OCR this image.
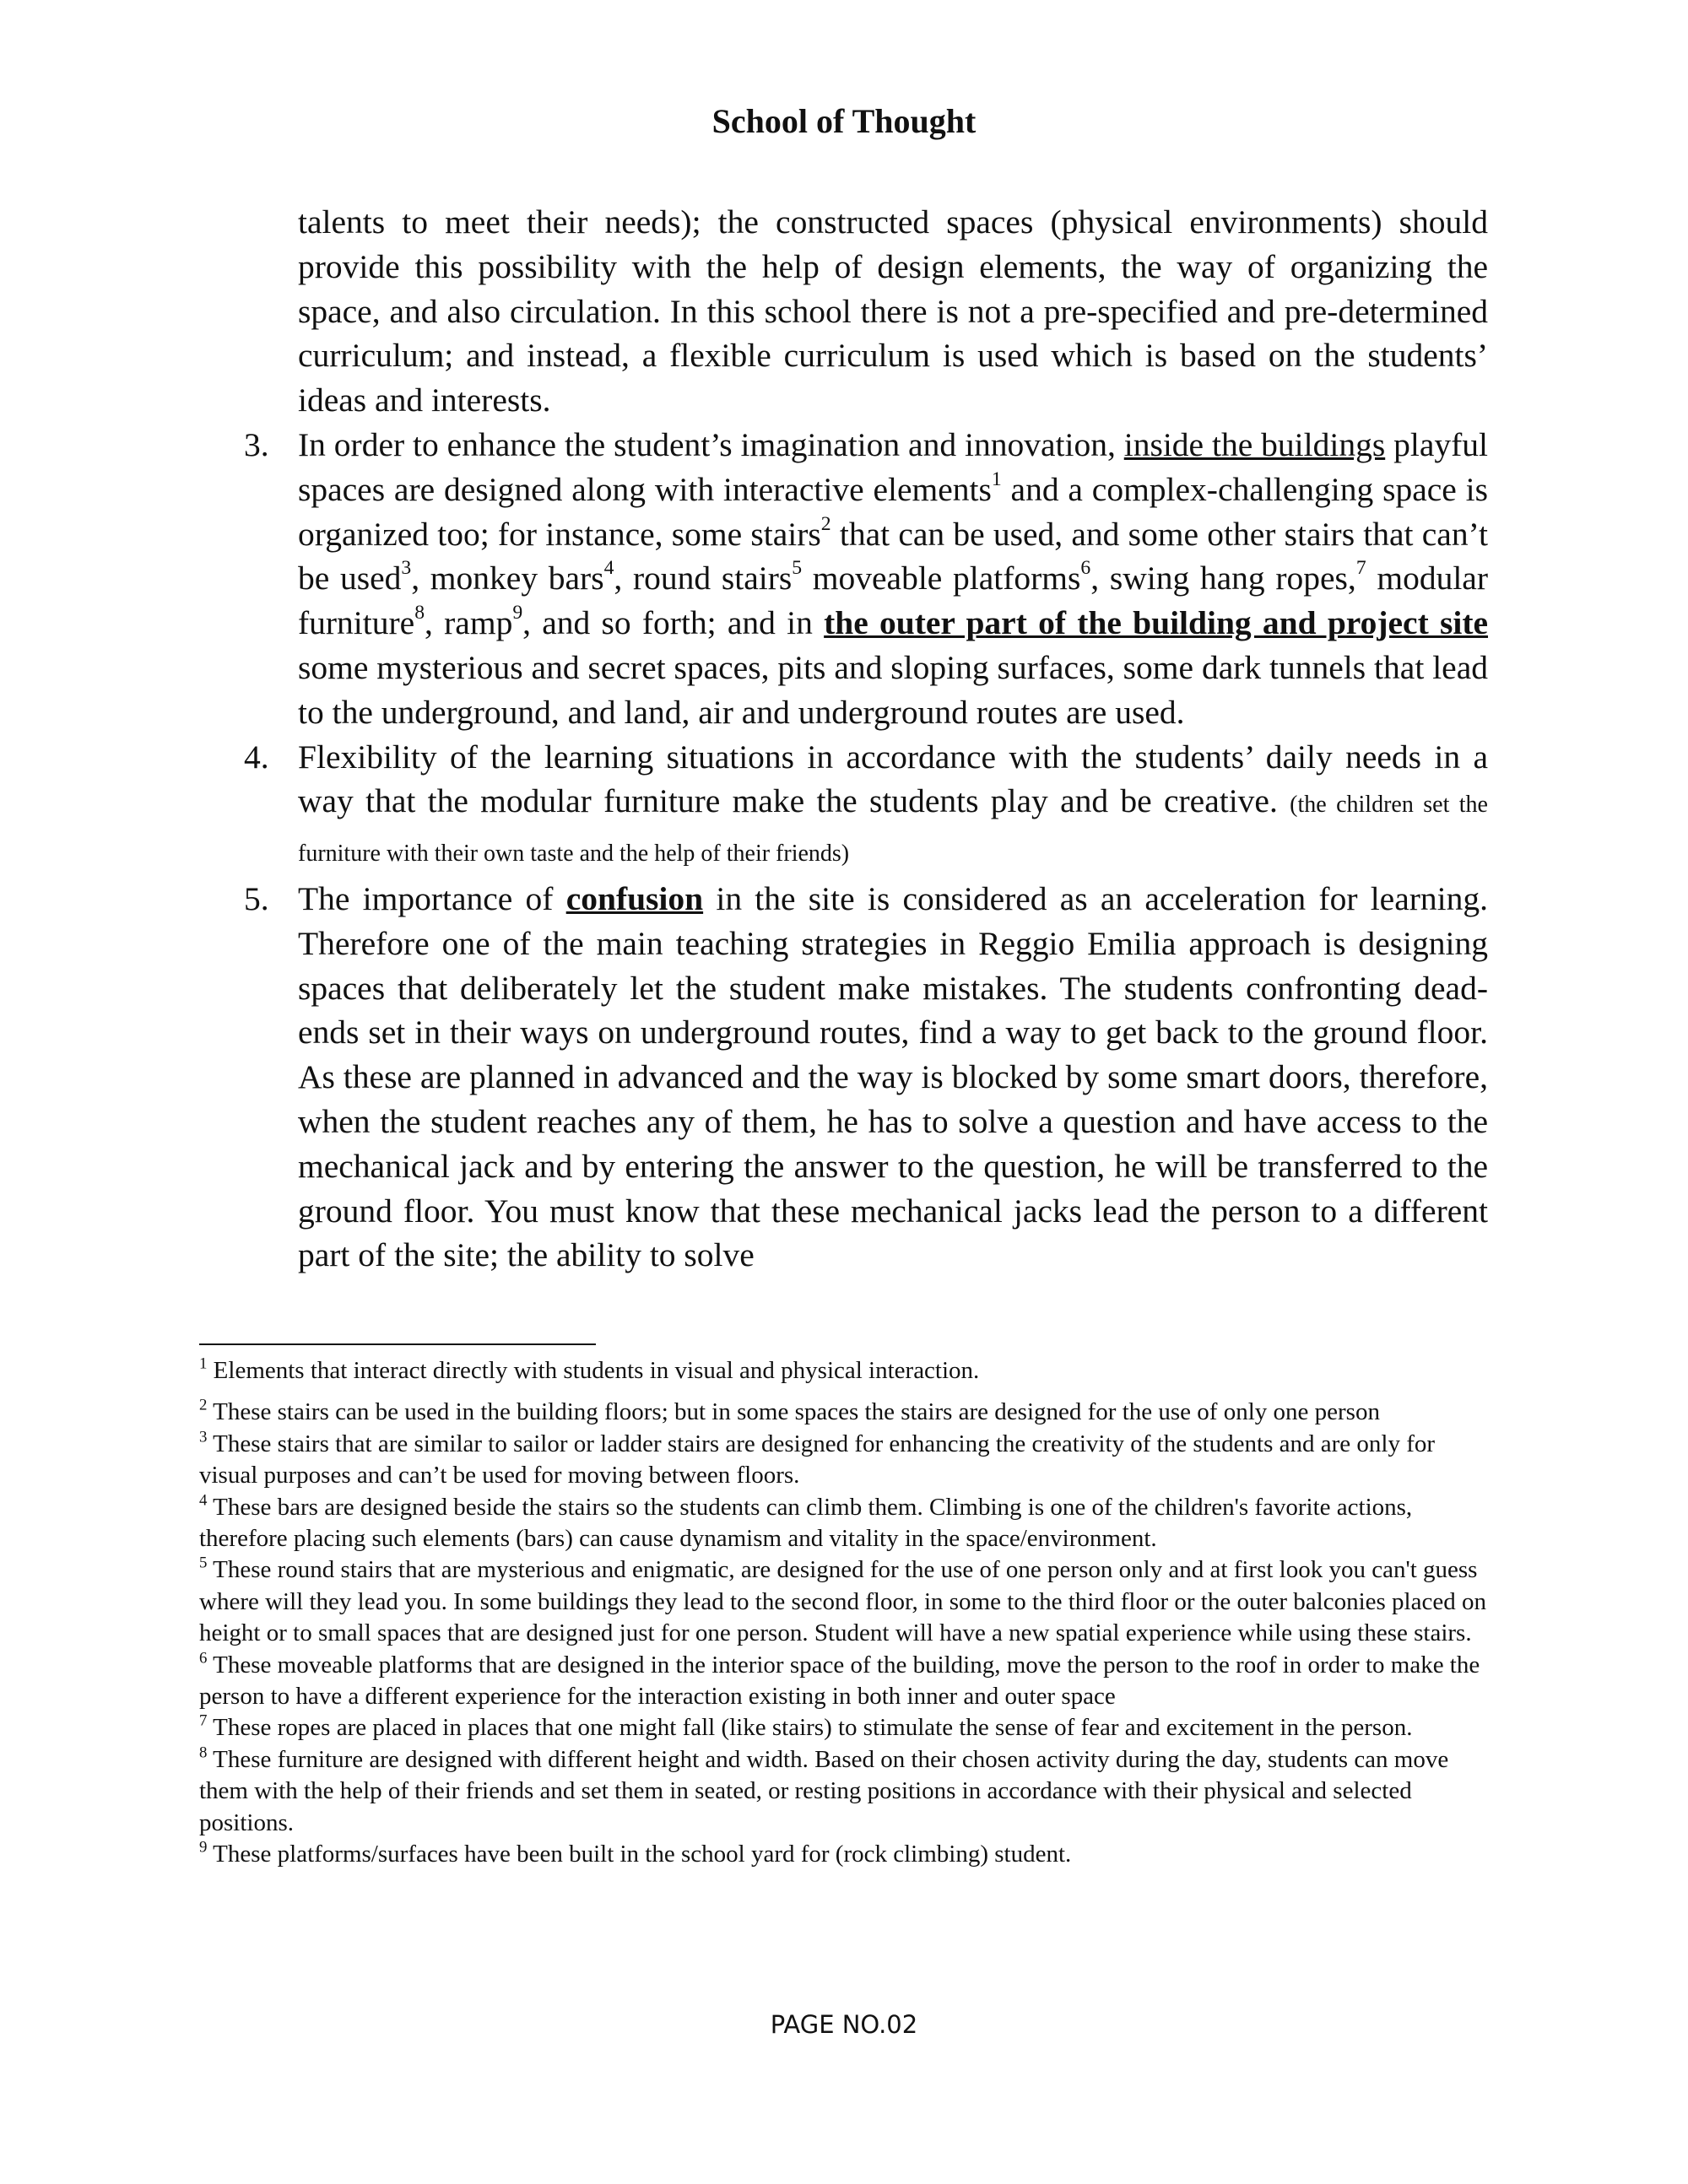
School of Thought

talents to meet their needs); the constructed spaces (physical environments) should provide this possibility with the help of design elements, the way of organizing the space, and also circulation. In this school there is not a pre-specified and pre-determined curriculum; and instead, a flexible curriculum is used which is based on the students’ ideas and interests.

3. In order to enhance the student’s imagination and innovation, inside the buildings playful spaces are designed along with interactive elements$^1$ and a complex-challenging space is organized too; for instance, some stairs$^2$ that can be used, and some other stairs that can’t be used$^3$, monkey bars$^4$, round stairs$^5$ moveable platforms$^6$, swing hang ropes,$^7$ modular furniture$^8$, ramp$^9$, and so forth; and in the outer part of the building and project site some mysterious and secret spaces, pits and sloping surfaces, some dark tunnels that lead to the underground, and land, air and underground routes are used.

4. Flexibility of the learning situations in accordance with the students’ daily needs in a way that the modular furniture make the students play and be creative. (the children set the furniture with their own taste and the help of their friends)

5. The importance of confusion in the site is considered as an acceleration for learning. Therefore one of the main teaching strategies in Reggio Emilia approach is designing spaces that deliberately let the student make mistakes. The students confronting dead-ends set in their ways on underground routes, find a way to get back to the ground floor. As these are planned in advanced and the way is blocked by some smart doors, therefore, when the student reaches any of them, he has to solve a question and have access to the mechanical jack and by entering the answer to the question, he will be transferred to the ground floor. You must know that these mechanical jacks lead the person to a different part of the site; the ability to solve

$^1$ Elements that interact directly with students in visual and physical interaction.

$^2$ These stairs can be used in the building floors; but in some spaces the stairs are designed for the use of only one person

$^3$ These stairs that are similar to sailor or ladder stairs are designed for enhancing the creativity of the students and are only for visual purposes and can’t be used for moving between floors.

$^4$ These bars are designed beside the stairs so the students can climb them. Climbing is one of the children's favorite actions, therefore placing such elements (bars) can cause dynamism and vitality in the space/environment.

$^5$ These round stairs that are mysterious and enigmatic, are designed for the use of one person only and at first look you can't guess where will they lead you. In some buildings they lead to the second floor, in some to the third floor or the outer balconies placed on height or to small spaces that are designed just for one person. Student will have a new spatial experience while using these stairs.

$^6$ These moveable platforms that are designed in the interior space of the building, move the person to the roof in order to make the person to have a different experience for the interaction existing in both inner and outer space

$^7$ These ropes are placed in places that one might fall (like stairs) to stimulate the sense of fear and excitement in the person.

$^8$ These furniture are designed with different height and width. Based on their chosen activity during the day, students can move them with the help of their friends and set them in seated, or resting positions in accordance with their physical and selected positions.

$^9$ These platforms/surfaces have been built in the school yard for (rock climbing) student.

PAGE NO.02
